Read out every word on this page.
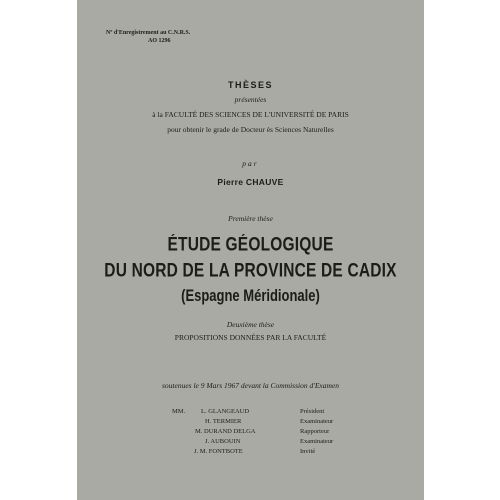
Nº d'Enregistrement au C.N.R.S.
AO 1296
THÈSES
présentées
à la FACULTÉ DES SCIENCES DE L'UNIVERSITÉ DE PARIS
pour obtenir le grade de Docteur ès Sciences Naturelles
par
Pierre CHAUVE
Première thèse
ÉTUDE GÉOLOGIQUE
DU NORD DE LA PROVINCE DE CADIX
(Espagne Méridionale)
Deuxième thèse
PROPOSITIONS DONNÉES PAR LA FACULTÉ
soutenues le 9 Mars 1967 devant la Commission d'Examen
MM. L. GLANGEAUD	Président
H. TERMIER	Examinateur
M. DURAND DELGA	Rapporteur
J. AUBOUIN	Examinateur
J. M. FONTBOTE	Invité
